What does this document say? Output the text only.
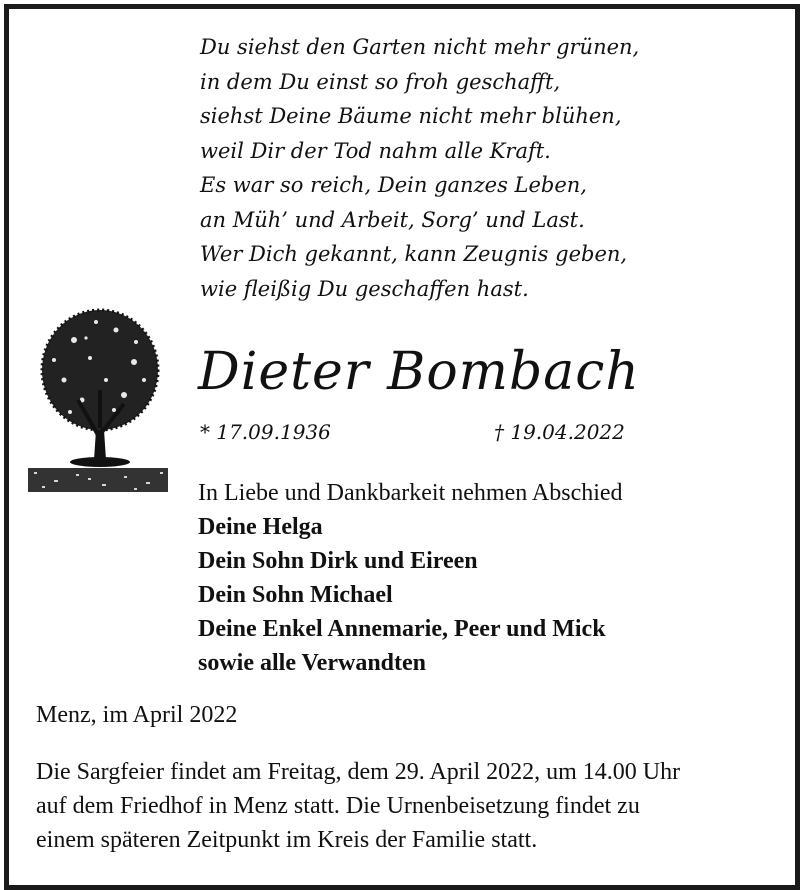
Du siehst den Garten nicht mehr grünen,
in dem Du einst so froh geschafft,
siehst Deine Bäume nicht mehr blühen,
weil Dir der Tod nahm alle Kraft.
Es war so reich, Dein ganzes Leben,
an Müh’ und Arbeit, Sorg’ und Last.
Wer Dich gekannt, kann Zeugnis geben,
wie fleißig Du geschaffen hast.
Dieter Bombach
* 17.09.1936	† 19.04.2022
In Liebe und Dankbarkeit nehmen Abschied
Deine Helga
Dein Sohn Dirk und Eireen
Dein Sohn Michael
Deine Enkel Annemarie, Peer und Mick
sowie alle Verwandten
Menz, im April 2022
Die Sargfeier findet am Freitag, dem 29. April 2022, um 14.00 Uhr
auf dem Friedhof in Menz statt. Die Urnenbeisetzung findet zu
einem späteren Zeitpunkt im Kreis der Familie statt.
